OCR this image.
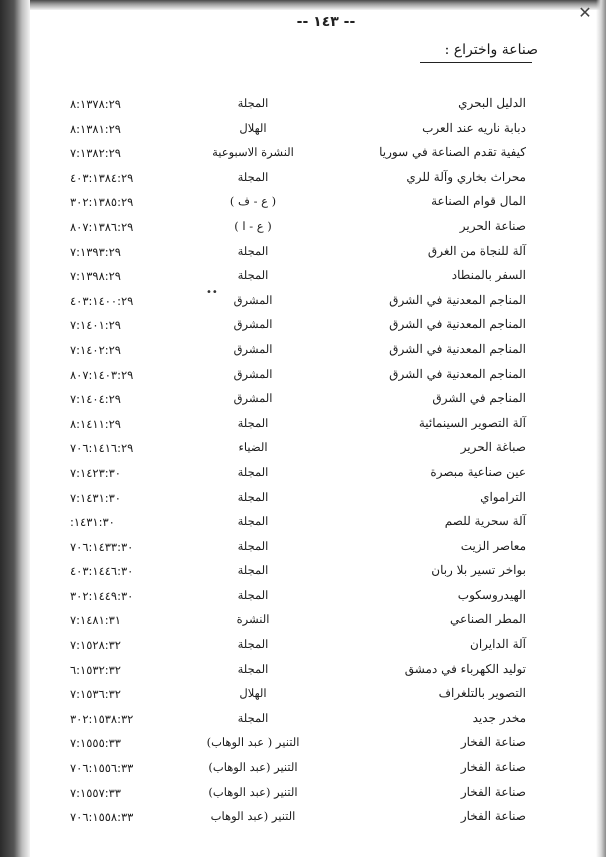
✕
-- ١٤٣ --
صناعة واختراع :
••
الدليل البحري
المجلة
٨:١٣٧٨:٢٩
دبابة ناريه عند العرب
الهلال
٨:١٣٨١:٢٩
كيفية تقدم الصناعة في سوريا
النشرة الاسبوعية
٧:١٣٨٢:٢٩
محراث بخاري وآلة للري
المجلة
٤٠٣:١٣٨٤:٢٩
المال قوام الصناعة
( ع - ف )
٣٠٢:١٣٨٥:٢٩
صناعة الحرير
( ع - ا )
٨٠٧:١٣٨٦:٢٩
آلة للنجاة من الغرق
المجلة
٧:١٣٩٣:٢٩
السفر بالمنطاد
المجلة
٧:١٣٩٨:٢٩
المناجم المعدنية في الشرق
المشرق
٤٠٣:١٤٠٠:٢٩
المناجم المعدنية في الشرق
المشرق
٧:١٤٠١:٢٩
المناجم المعدنية في الشرق
المشرق
٧:١٤٠٢:٢٩
المناجم المعدنية في الشرق
المشرق
٨٠٧:١٤٠٣:٢٩
المناجم في الشرق
المشرق
٧:١٤٠٤:٢٩
آلة التصوير السينمائية
المجلة
٨:١٤١١:٢٩
صباغة الحرير
الضياء
٧٠٦:١٤١٦:٢٩
عين صناعية مبصرة
المجلة
٧:١٤٢٣:٣٠
الترامواي
المجلة
٧:١٤٣١:٣٠
آلة سحرية للصم
المجلة
:١٤٣١:٣٠
معاصر الزيت
المجلة
٧٠٦:١٤٣٣:٣٠
بواخر تسير بلا ربان
المجلة
٤٠٣:١٤٤٦:٣٠
الهيدروسكوب
المجلة
٣٠٢:١٤٤٩:٣٠
المطر الصناعي
النشرة
٧:١٤٨١:٣١
آلة الدايران
المجلة
٧:١٥٢٨:٣٢
توليد الكهرباء في دمشق
المجلة
٦:١٥٣٢:٣٢
التصوير بالتلغراف
الهلال
٧:١٥٣٦:٣٢
مخدر جديد
المجلة
٣٠٢:١٥٣٨:٣٢
صناعة الفخار
التنير ( عبد الوهاب)
٧:١٥٥٥:٣٣
صناعة الفخار
التنير (عبد الوهاب)
٧٠٦:١٥٥٦:٣٣
صناعة الفخار
التنير (عبد الوهاب)
٧:١٥٥٧:٣٣
صناعة الفخار
التنير (عبد الوهاب
٧٠٦:١٥٥٨:٣٣
